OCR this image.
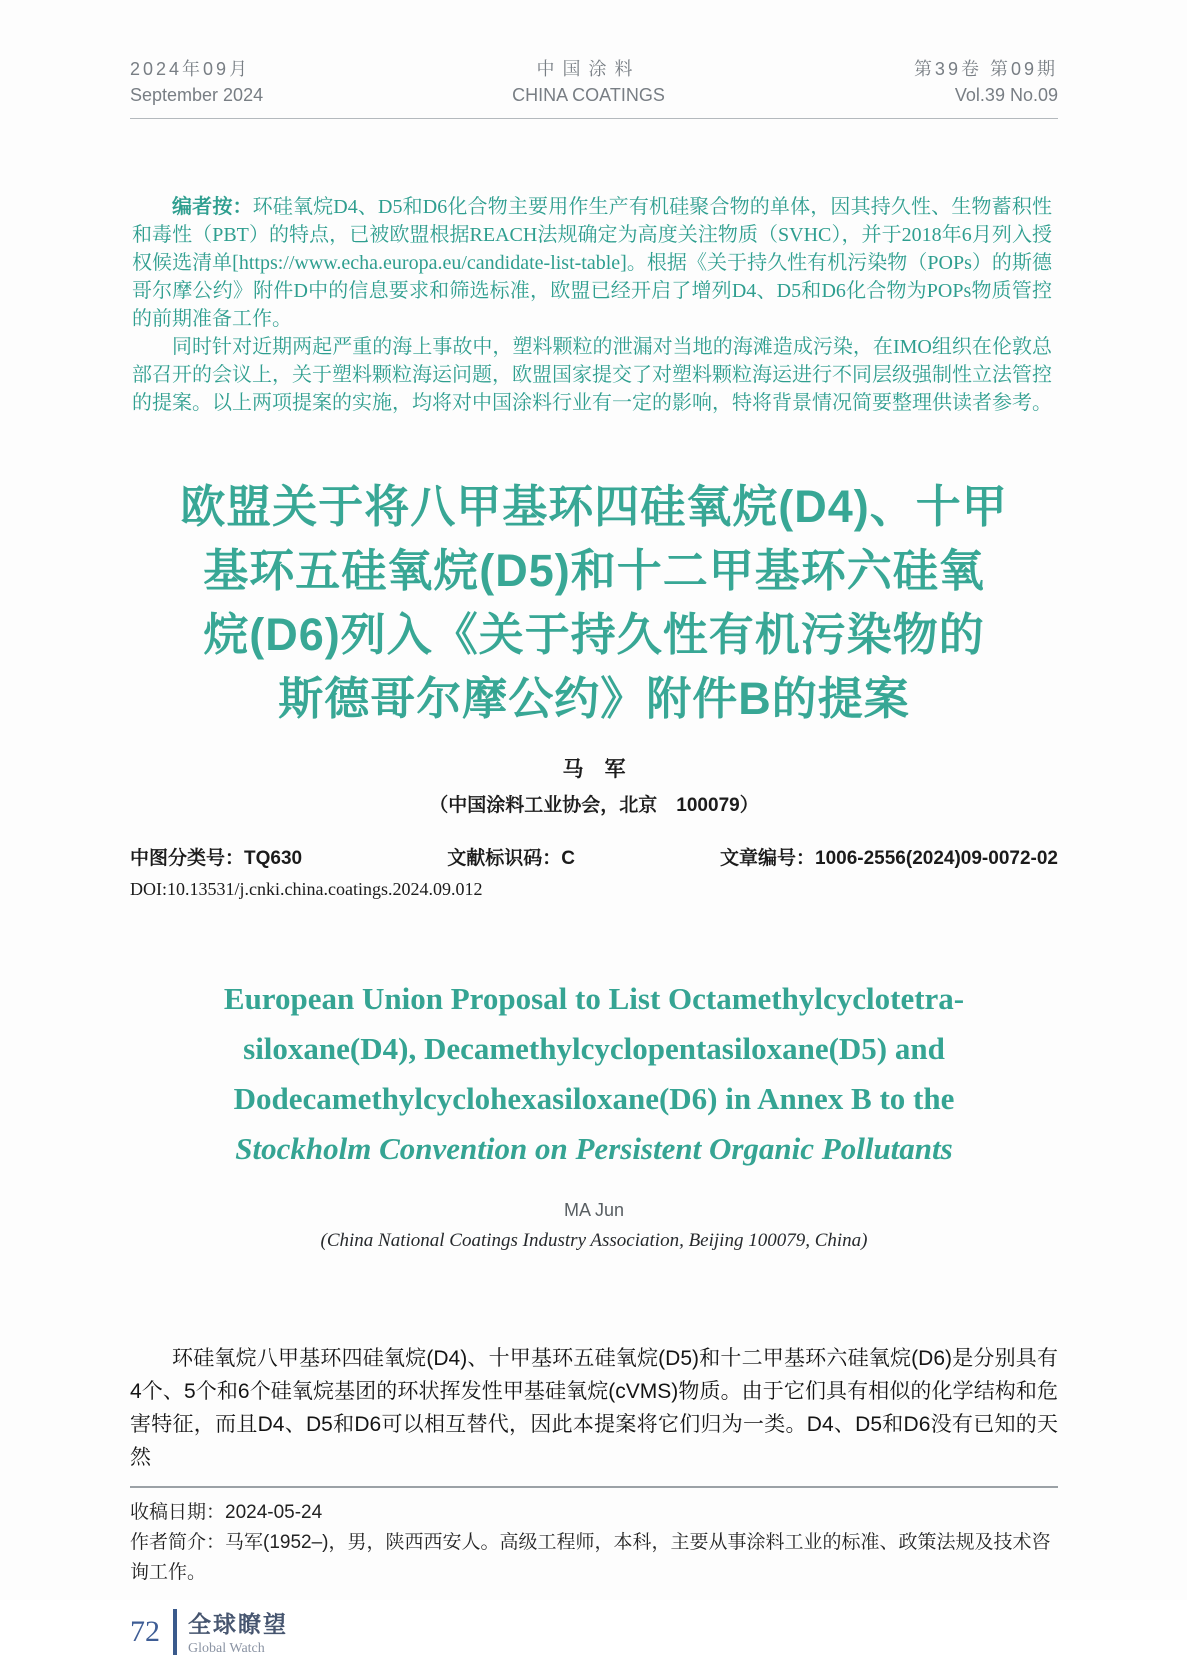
2024年09月
September 2024
中国涂料
CHINA COATINGS
第39卷 第09期
Vol.39 No.09

编者按：环硅氧烷D4、D5和D6化合物主要用作生产有机硅聚合物的单体，因其持久性、生物蓄积性和毒性（PBT）的特点，已被欧盟根据REACH法规确定为高度关注物质（SVHC），并于2018年6月列入授权候选清单[https://www.echa.europa.eu/candidate-list-table]。根据《关于持久性有机污染物（POPs）的斯德哥尔摩公约》附件D中的信息要求和筛选标准，欧盟已经开启了增列D4、D5和D6化合物为POPs物质管控的前期准备工作。

同时针对近期两起严重的海上事故中，塑料颗粒的泄漏对当地的海滩造成污染，在IMO组织在伦敦总部召开的会议上，关于塑料颗粒海运问题，欧盟国家提交了对塑料颗粒海运进行不同层级强制性立法管控的提案。以上两项提案的实施，均将对中国涂料行业有一定的影响，特将背景情况简要整理供读者参考。

欧盟关于将八甲基环四硅氧烷(D4)、十甲
基环五硅氧烷(D5)和十二甲基环六硅氧
烷(D6)列入《关于持久性有机污染物的
斯德哥尔摩公约》附件B的提案
马　军
（中国涂料工业协会，北京　100079）
中图分类号：TQ630	文献标识码：C	文章编号：1006-2556(2024)09-0072-02
DOI:10.13531/j.cnki.china.coatings.2024.09.012
European Union Proposal to List Octamethylcyclotetra-
siloxane(D4), Decamethylcyclopentasiloxane(D5) and
Dodecamethylcyclohexasiloxane(D6) in Annex B to the
Stockholm Convention on Persistent Organic Pollutants
MA Jun
(China National Coatings Industry Association, Beijing 100079, China)
环硅氧烷八甲基环四硅氧烷(D4)、十甲基环五硅氧烷(D5)和十二甲基环六硅氧烷(D6)是分别具有4个、5个和6个硅氧烷基团的环状挥发性甲基硅氧烷(cVMS)物质。由于它们具有相似的化学结构和危害特征，而且D4、D5和D6可以相互替代，因此本提案将它们归为一类。D4、D5和D6没有已知的天然

收稿日期：2024-05-24

作者简介：马军(1952–)，男，陕西西安人。高级工程师，本科，主要从事涂料工业的标准、政策法规及技术咨询工作。

72 全球瞭望
Global Watch
